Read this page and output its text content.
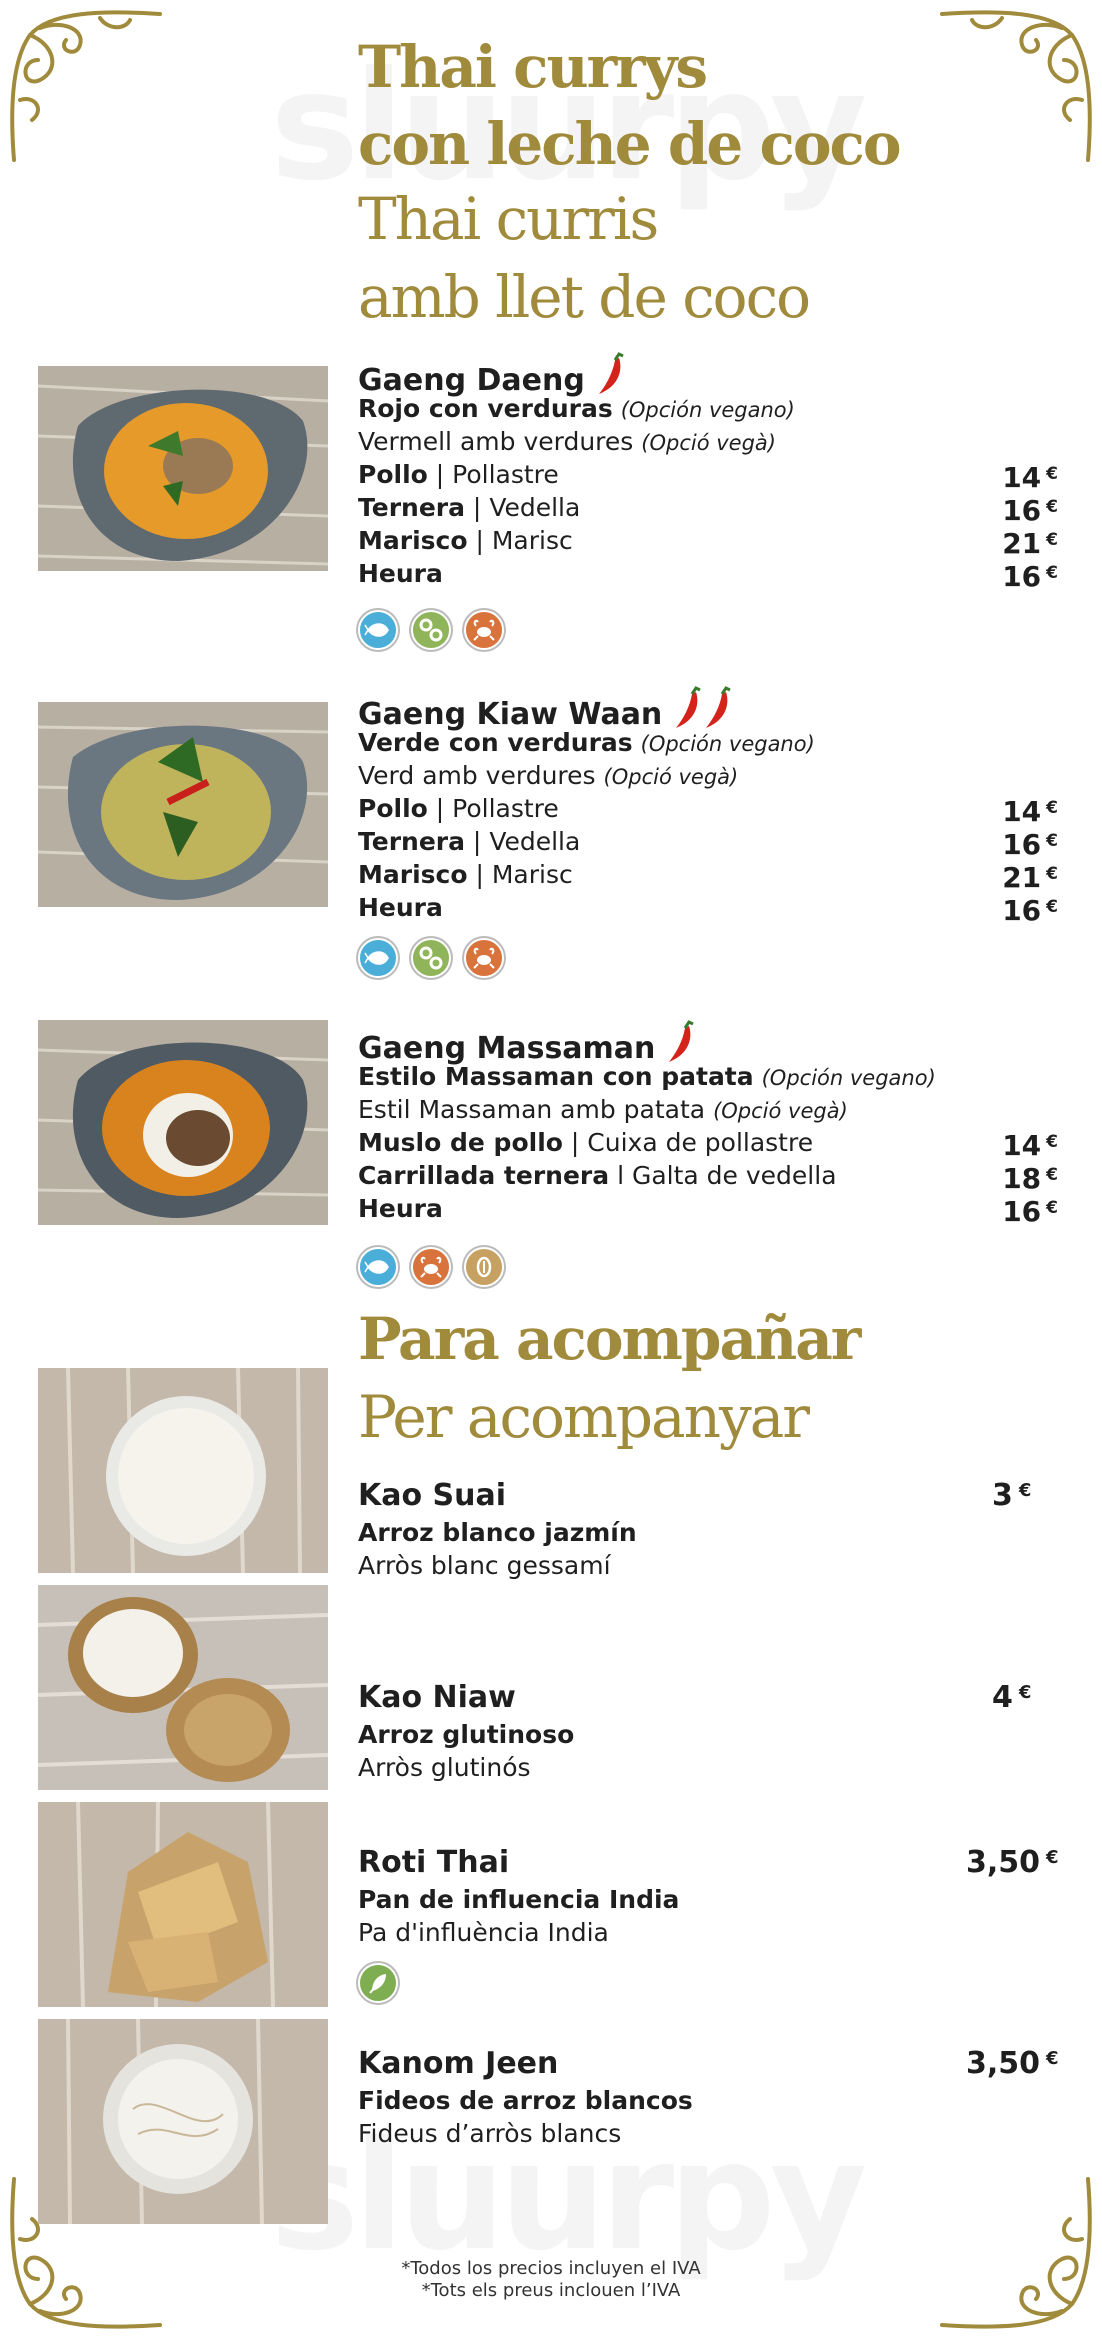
Thai currys
con leche de coco
Thai curris
amb llet de coco
Gaeng Daeng
Rojo con verduras (Opción vegano)
Vermell amb verdures (Opció vegà)
Pollo | Pollastre	14 €
Ternera | Vedella	16 €
Marisco | Marisc	21 €
Heura	16 €

Gaeng Kiaw Waan
Verde con verduras (Opción vegano)
Verd amb verdures (Opció vegà)
Pollo | Pollastre	14 €
Ternera | Vedella	16 €
Marisco | Marisc	21 €
Heura	16 €

Gaeng Massaman
Estilo Massaman con patata (Opción vegano)
Estil Massaman amb patata (Opció vegà)
Muslo de pollo | Cuixa de pollastre	14 €
Carrillada ternera l Galta de vedella	18 €
Heura	16 €

Para acompañar
Per acompanyar
Kao Suai
Arroz blanco jazmín
Arròs blanc gessamí
3 €
Kao Niaw
Arroz glutinoso
Arròs glutinós
4 €
Roti Thai
Pan de influencia India
Pa d'influència India
3,50 €
Kanom Jeen
Fideos de arroz blancos
Fideus d’arròs blancs
3,50 €
*Todos los precios incluyen el IVA
*Tots els preus inclouen l’IVA
